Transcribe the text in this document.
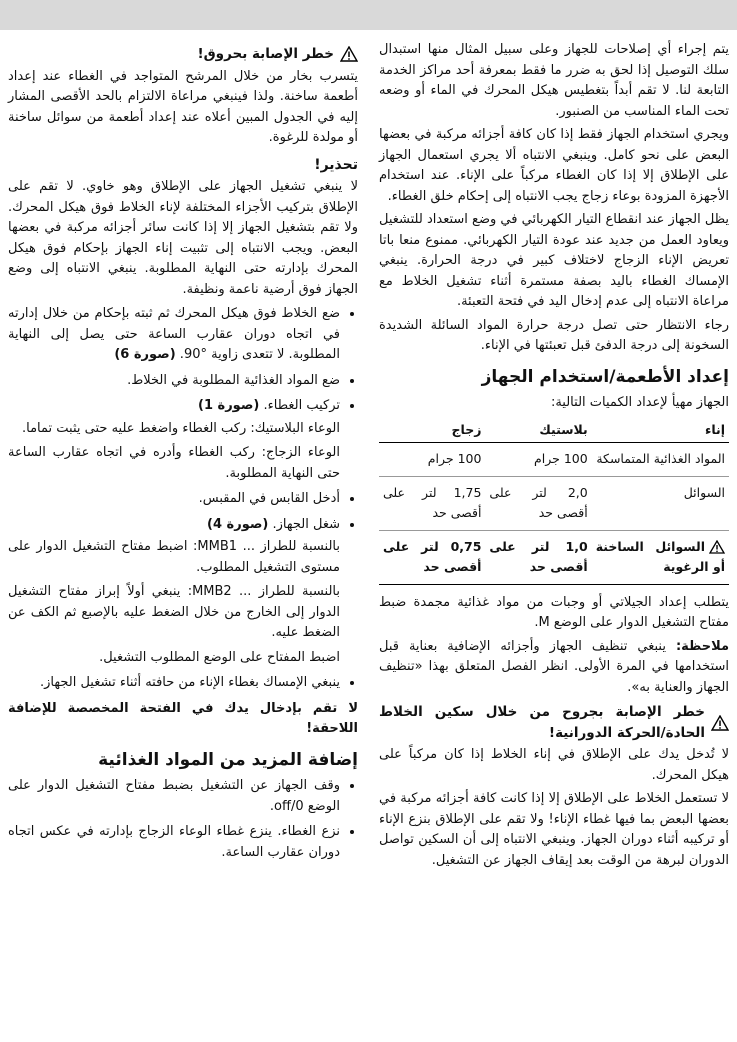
يتم إجراء أي إصلاحات للجهاز وعلى سبيل المثال منها استبدال سلك التوصيل إذا لحق به ضرر ما فقط بمعرفة أحد مراكز الخدمة التابعة لنا. لا تقم أبداً بتغطيس هيكل المحرك في الماء أو وضعه تحت الماء المناسب من الصنبور.

ويجري استخدام الجهاز فقط إذا كان كافة أجزائه مركبة في بعضها البعض على نحو كامل. وينبغي الانتباه ألا يجري استعمال الجهاز على الإطلاق إلا إذا كان الغطاء مركباً على الإناء. عند استخدام الأجهزة المزودة بوعاء زجاج يجب الانتباه إلى إحكام خلق الغطاء.

يظل الجهاز عند انقطاع التيار الكهربائي في وضع استعداد للتشغيل ويعاود العمل من جديد عند عودة التيار الكهربائي. ممنوع منعا باتا تعريض الإناء الزجاج لاختلاف كبير في درجة الحرارة. ينبغي الإمساك الغطاء باليد بصفة مستمرة أثناء تشغيل الخلاط مع مراعاة الانتباه إلى عدم إدخال اليد في فتحة التعبئة.

رجاء الانتظار حتى تصل درجة حرارة المواد السائلة الشديدة السخونة إلى درجة الدفئ قبل تعبئتها في الإناء.

إعداد الأطعمة/استخدام الجهاز

الجهاز مهيأ لإعداد الكميات التالية:

إناء	بلاستيك	زجاج
المواد الغذائية المتماسكة	100 جرام	100 جرام
السوائل	2,0 لتر على أقصى حد	1,75 لتر على أقصى حد

السوائل الساخنة أو الرغوية	1,0 لتر على أقصى حد	0,75 لتر على أقصى حد

يتطلب إعداد الجيلاتي أو وجبات من مواد غذائية مجمدة ضبط مفتاح التشغيل الدوار على الوضع M.

ملاحظة: ينبغي تنظيف الجهاز وأجزائه الإضافية بعناية قبل استخدامها في المرة الأولى. انظر الفصل المتعلق بهذا «تنظيف الجهاز والعناية به».

خطر الإصابة بجروح من خلال سكين الخلاط الحادة/الحركة الدورانية!

لا تُدخل يدك على الإطلاق في إناء الخلاط إذا كان مركباً على هيكل المحرك.

لا تستعمل الخلاط على الإطلاق إلا إذا كانت كافة أجزائه مركبة في بعضها البعض بما فيها غطاء الإناء! ولا تقم على الإطلاق بنزع الإناء أو تركيبه أثناء دوران الجهاز. وينبغي الانتباه إلى أن السكين تواصل الدوران لبرهة من الوقت بعد إيقاف الجهاز عن التشغيل.

خطر الإصابة بحروق!

يتسرب بخار من خلال المرشح المتواجد في الغطاء عند إعداد أطعمة ساخنة. ولذا فينبغي مراعاة الالتزام بالحد الأقصى المشار إليه في الجدول المبين أعلاه عند إعداد أطعمة من سوائل ساخنة أو مولدة للرغوة.

تحذير!

لا ينبغي تشغيل الجهاز على الإطلاق وهو خاوي. لا تقم على الإطلاق بتركيب الأجزاء المختلفة لإناء الخلاط فوق هيكل المحرك. ولا تقم بتشغيل الجهاز إلا إذا كانت سائر أجزائه مركبة في بعضها البعض. ويجب الانتباه إلى تثبيت إناء الجهاز بإحكام فوق هيكل المحرك بإدارته حتى النهاية المطلوبة. ينبغي الانتباه إلى وضع الجهاز فوق أرضية ناعمة ونظيفة.

• ضع الخلاط فوق هيكل المحرك ثم ثبته بإحكام من خلال إدارته في اتجاه دوران عقارب الساعة حتى يصل إلى النهاية المطلوبة. لا تتعدى زاوية °90. (صورة 6)
• ضع المواد الغذائية المطلوبة في الخلاط.
• تركيب الغطاء. (صورة 1)
الوعاء البلاستيك: ركب الغطاء واضغط عليه حتى يثبت تماما.
الوعاء الزجاج: ركب الغطاء وأدره في اتجاه عقارب الساعة حتى النهاية المطلوبة.
• أدخل القابس في المقبس.
• شغل الجهاز. (صورة 4)
بالنسبة للطراز ... MMB1: اضبط مفتاح التشغيل الدوار على مستوى التشغيل المطلوب.
بالنسبة للطراز ... MMB2: ينبغي أولاً إبراز مفتاح التشغيل الدوار إلى الخارج من خلال الضغط عليه بالإصبع ثم الكف عن الضغط عليه.
اضبط المفتاح على الوضع المطلوب التشغيل.
• ينبغي الإمساك بغطاء الإناء من حافته أثناء تشغيل الجهاز.

لا تقم بإدخال يدك في الفتحة المخصصة للإضافة اللاحقة!

إضافة المزيد من المواد الغذائية
• وقف الجهاز عن التشغيل بضبط مفتاح التشغيل الدوار على الوضع off/0.
• نزع الغطاء. ينزع غطاء الوعاء الزجاج بإدارته في عكس اتجاه دوران عقارب الساعة.
